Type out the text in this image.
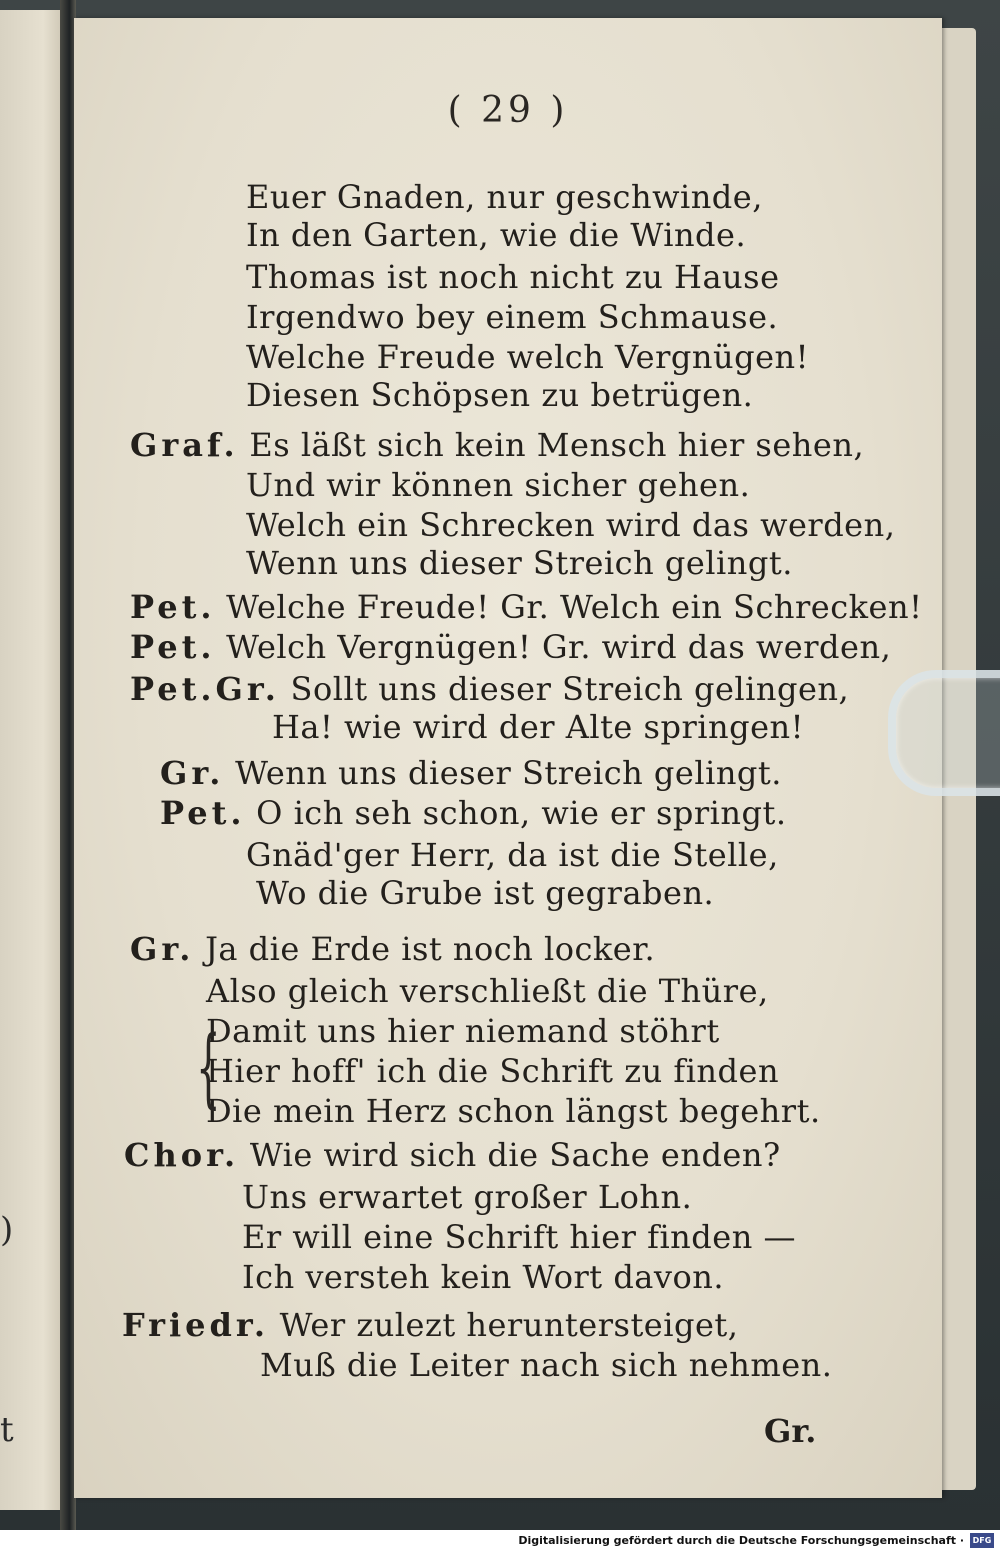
)
t
( 29 )
Euer Gnaden, nur geschwinde,
In den Garten, wie die Winde.
Thomas ist noch nicht zu Hause
Irgendwo bey einem Schmause.
Welche Freude welch Vergnügen!
Diesen Schöpsen zu betrügen.
Graf. Es läßt sich kein Mensch hier sehen,
Und wir können sicher gehen.
Welch ein Schrecken wird das werden,
Wenn uns dieser Streich gelingt.
Pet. Welche Freude! Gr. Welch ein Schrecken!
Pet. Welch Vergnügen! Gr. wird das werden,
Pet.Gr. Sollt uns dieser Streich gelingen,
Ha! wie wird der Alte springen!
Gr. Wenn uns dieser Streich gelingt.
Pet. O ich seh schon, wie er springt.
Gnäd'ger Herr, da ist die Stelle,
Wo die Grube ist gegraben.
Gr. Ja die Erde ist noch locker.
Also gleich verschließt die Thüre,
Damit uns hier niemand stöhrt
Hier hoff' ich die Schrift zu finden
Die mein Herz schon längst begehrt.
Chor. Wie wird sich die Sache enden?
Uns erwartet großer Lohn.
Er will eine Schrift hier finden —
Ich versteh kein Wort davon.
Friedr. Wer zulezt heruntersteiget,
Muß die Leiter nach sich nehmen.
{
Gr.
Digitalisierung gefördert durch die Deutsche Forschungsgemeinschaft ·	DFG
